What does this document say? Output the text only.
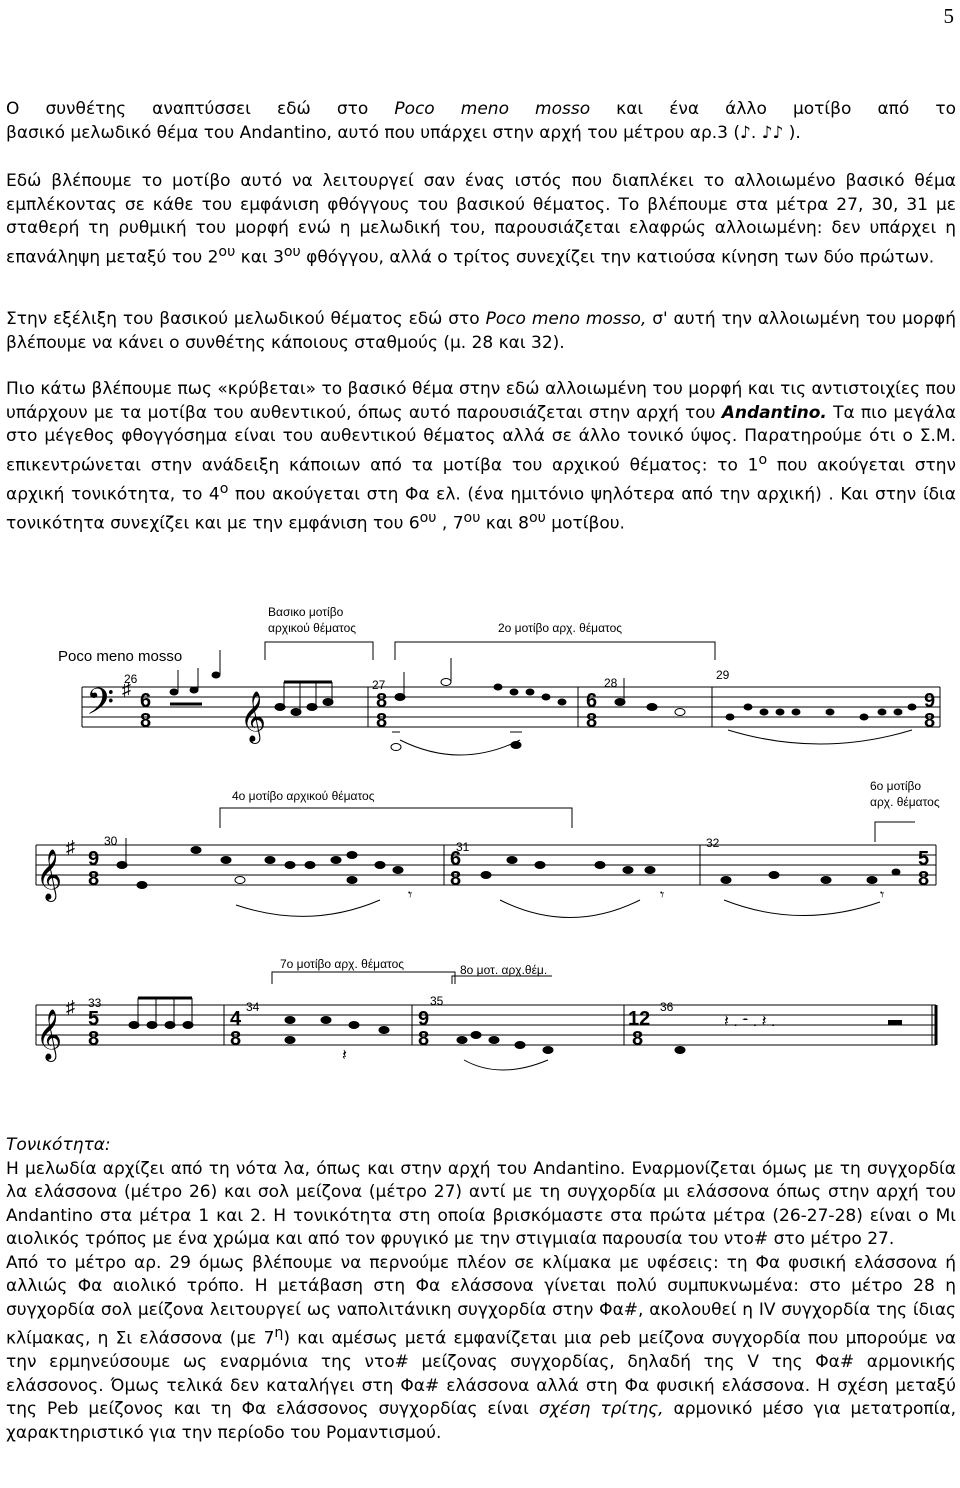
5

Ο συνθέτης αναπτύσσει εδώ στο Poco meno mosso και ένα άλλο μοτίβο από το

βασικό μελωδικό θέμα του Andantino, αυτό που υπάρχει στην αρχή του μέτρου αρ.3 (♪. ♪♪ ).

Εδώ βλέπουμε το μοτίβο αυτό να λειτουργεί σαν ένας ιστός που διαπλέκει το αλλοιωμένο βασικό θέμα εμπλέκοντας σε κάθε του εμφάνιση φθόγγους του βασικού θέματος. Το βλέπουμε στα μέτρα 27, 30, 31 με σταθερή τη ρυθμική του μορφή ενώ η μελωδική του, παρουσιάζεται ελαφρώς αλλοιωμένη: δεν υπάρχει η επανάληψη μεταξύ του $2^{o\upsilon}$ και $3^{o\upsilon}$ φθόγγου, αλλά ο τρίτος συνεχίζει την κατιούσα κίνηση των δύο πρώτων.

Στην εξέλιξη του βασικού μελωδικού θέματος εδώ στο Poco meno mosso, σ' αυτή την αλλοιωμένη του μορφή βλέπουμε να κάνει ο συνθέτης κάποιους σταθμούς (μ. 28 και 32).

Πιο κάτω βλέπουμε πως «κρύβεται» το βασικό θέμα στην εδώ αλλοιωμένη του μορφή και τις αντιστοιχίες που υπάρχουν με τα μοτίβα του αυθεντικού, όπως αυτό παρουσιάζεται στην αρχή του Andantino. Τα πιο μεγάλα στο μέγεθος φθογγόσημα είναι του αυθεντικού θέματος αλλά σε άλλο τονικό ύψος. Παρατηρούμε ότι ο Σ.Μ. επικεντρώνεται στην ανάδειξη κάποιων από τα μοτίβα του αρχικού θέματος: το $1^o$ που ακούγεται στην αρχική τονικότητα, το $4^o$ που ακούγεται στη Φα ελ. (ένα ημιτόνιο ψηλότερα από την αρχική) . Και στην ίδια τονικότητα συνεχίζει και με την εμφάνιση του $6^{o\upsilon}$ , $7^{o\upsilon}$ και $8^{o\upsilon}$ μοτίβου.

Βασικο μοτίβο
αρχικού θέματος	2ο μοτίβο αρχ. θέματος
Poco meno mosso
4ο μοτίβο αρχικού θέματος
6ο μοτίβο
αρχ. θέματος
7ο μοτίβο αρχ. θέματος	8ο μοτ. αρχ.θέμ.
𝄢	𝄞
𝄞
𝄞
♯
♯
♯
6
8
8
8
6
8
9
8
9
8
6
8
5
8
5
8
4
8
9
8
12
8
26	27	28
29
30	31	32
33	34	35	36
𝄾	𝄾	𝄾
𝄽
𝄽 . 𝄼 . 𝄽 .

Τονικότητα:

Η μελωδία αρχίζει από τη νότα λα, όπως και στην αρχή του Andantino. Εναρμονίζεται όμως με τη συγχορδία λα ελάσσονα (μέτρο 26) και σολ μείζονα (μέτρο 27) αντί με τη συγχορδία μι ελάσσονα όπως στην αρχή του Andantino στα μέτρα 1 και 2. Η τονικότητα στη οποία βρισκόμαστε στα πρώτα μέτρα (26-27-28) είναι ο Μι αιολικός τρόπος με ένα χρώμα και από τον φρυγικό με την στιγμιαία παρουσία του ντο# στο μέτρο 27.

Από το μέτρο αρ. 29 όμως βλέπουμε να περνούμε πλέον σε κλίμακα με υφέσεις: τη Φα φυσική ελάσσονα ή αλλιώς Φα αιολικό τρόπο. Η μετάβαση στη Φα ελάσσονα γίνεται πολύ συμπυκνωμένα: στο μέτρο 28 η συγχορδία σολ μείζονα λειτουργεί ως ναπολιτάνικη συγχορδία στην Φα#, ακολουθεί η IV συγχορδία της ίδιας κλίμακας, η Σι ελάσσονα (με $7^\eta$) και αμέσως μετά εμφανίζεται μια ρeb μείζονα συγχορδία που μπορούμε να την ερμηνεύσουμε ως εναρμόνια της ντο# μείζονας συγχορδίας, δηλαδή της V της Φα# αρμονικής ελάσσονος. Όμως τελικά δεν καταλήγει στη Φα# ελάσσονα αλλά στη Φα φυσική ελάσσονα. Η σχέση μεταξύ της Ρeb μείζονος και τη Φα ελάσσονος συγχορδίας είναι σχέση τρίτης, αρμονικό μέσο για μετατροπία, χαρακτηριστικό για την περίοδο του Ρομαντισμού.
